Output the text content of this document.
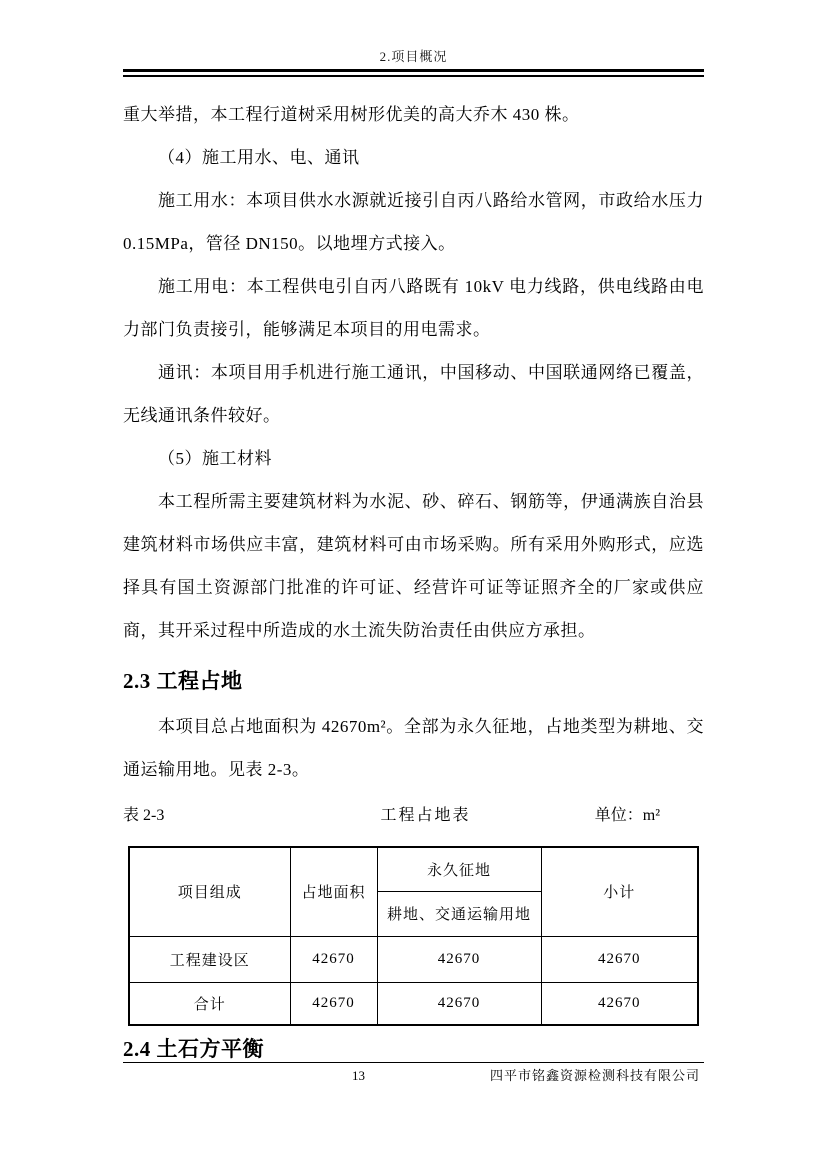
2.项目概况

重大举措，本工程行道树采用树形优美的高大乔木 430 株。

（4）施工用水、电、通讯

施工用水：本项目供水水源就近接引自丙八路给水管网，市政给水压力0.15MPa，管径 DN150。以地埋方式接入。

施工用电：本工程供电引自丙八路既有 10kV 电力线路，供电线路由电力部门负责接引，能够满足本项目的用电需求。

通讯：本项目用手机进行施工通讯，中国移动、中国联通网络已覆盖，无线通讯条件较好。

（5）施工材料

本工程所需主要建筑材料为水泥、砂、碎石、钢筋等，伊通满族自治县建筑材料市场供应丰富，建筑材料可由市场采购。所有采用外购形式，应选择具有国土资源部门批准的许可证、经营许可证等证照齐全的厂家或供应商，其开采过程中所造成的水土流失防治责任由供应方承担。

2.3 工程占地

本项目总占地面积为 42670m²。全部为永久征地，占地类型为耕地、交通运输用地。见表 2-3。

表 2-3	工程占地表	单位：m²
项目组成	占地面积	永久征地	小计
		耕地、交通运输用地	
工程建设区	42670	42670	42670
合计	42670	42670	42670
2.4 土石方平衡
13	四平市铭鑫资源检测科技有限公司
